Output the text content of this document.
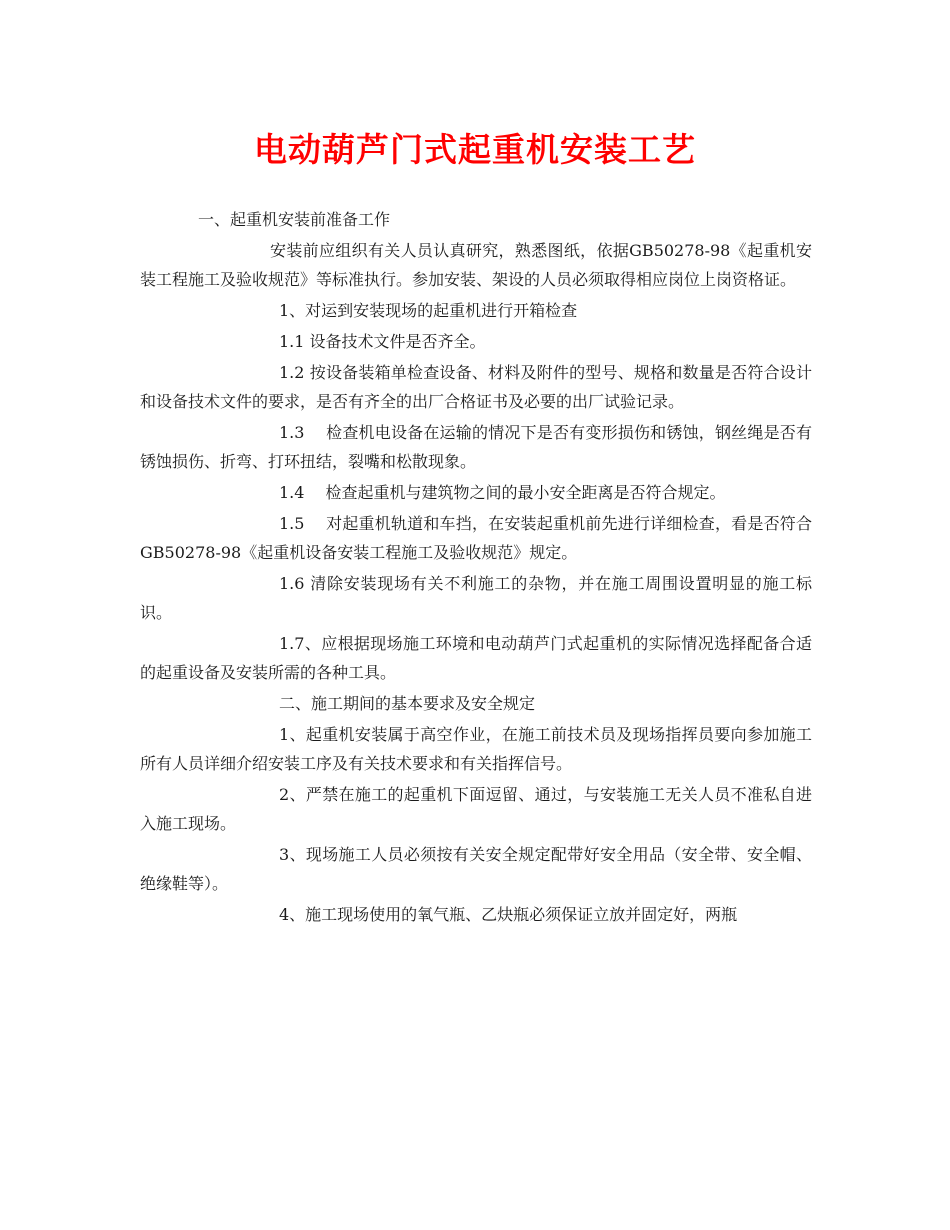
电动葫芦门式起重机安装工艺

一、起重机安装前准备工作

安装前应组织有关人员认真研究，熟悉图纸，依据GB50278-98《起重机安装工程施工及验收规范》等标准执行。参加安装、架设的人员必须取得相应岗位上岗资格证。

1、对运到安装现场的起重机进行开箱检查

1.1 设备技术文件是否齐全。

1.2 按设备装箱单检查设备、材料及附件的型号、规格和数量是否符合设计和设备技术文件的要求，是否有齐全的出厂合格证书及必要的出厂试验记录。

1.3　 检查机电设备在运输的情况下是否有变形损伤和锈蚀，钢丝绳是否有锈蚀损伤、折弯、打环扭结，裂嘴和松散现象。

1.4　 检查起重机与建筑物之间的最小安全距离是否符合规定。

1.5　 对起重机轨道和车挡，在安装起重机前先进行详细检查，看是否符合GB50278-98《起重机设备安装工程施工及验收规范》规定。

1.6 清除安装现场有关不利施工的杂物，并在施工周围设置明显的施工标识。

1.7、应根据现场施工环境和电动葫芦门式起重机的实际情况选择配备合适的起重设备及安装所需的各种工具。

二、施工期间的基本要求及安全规定

1、起重机安装属于高空作业，在施工前技术员及现场指挥员要向参加施工所有人员详细介绍安装工序及有关技术要求和有关指挥信号。

2、严禁在施工的起重机下面逗留、通过，与安装施工无关人员不准私自进入施工现场。

3、现场施工人员必须按有关安全规定配带好安全用品（安全带、安全帽、绝缘鞋等）。

4、施工现场使用的氧气瓶、乙炔瓶必须保证立放并固定好，两瓶
